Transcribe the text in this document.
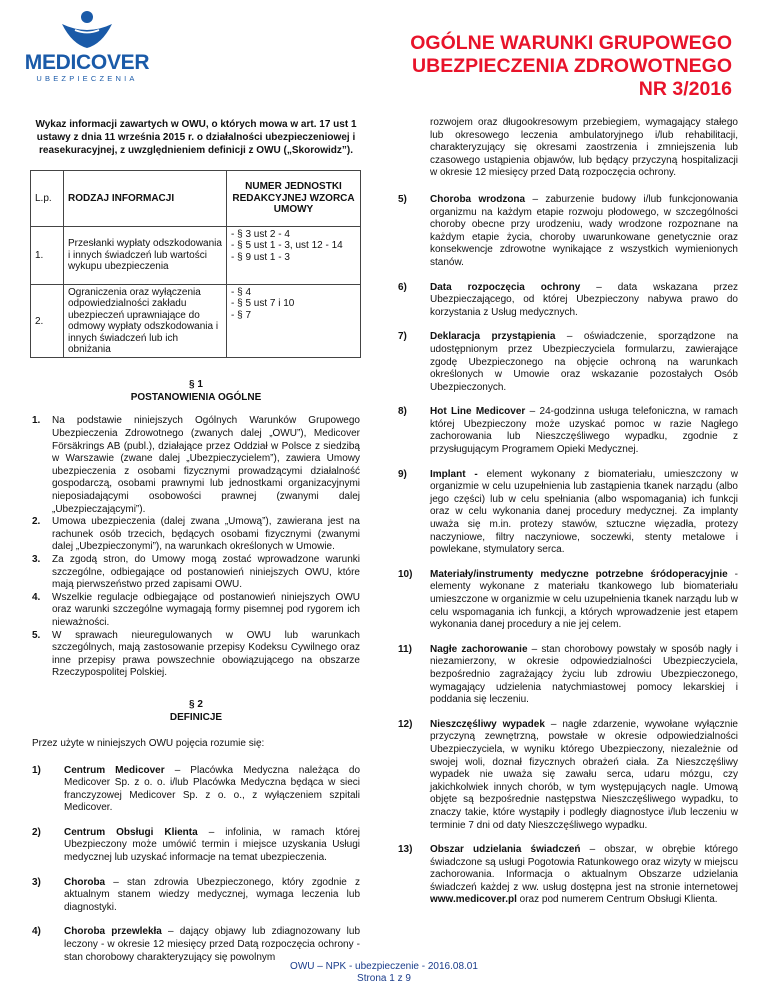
MEDICOVER
UBEZPIECZENIA
OGÓLNE WARUNKI GRUPOWEGO
UBEZPIECZENIA ZDROWOTNEGO
NR 3/2016
Wykaz informacji zawartych w OWU, o których mowa w art. 17 ust 1 ustawy z dnia 11 września 2015 r. o działalności ubezpieczeniowej i reasekuracyjnej, z uwzględnieniem definicji z OWU („Skorowidz”).
L.p.	RODZAJ INFORMACJI	NUMER JEDNOSTKI REDAKCYJNEJ WZORCA UMOWY
1.	Przesłanki wypłaty odszkodowania i innych świadczeń lub wartości wykupu ubezpieczenia	- § 3 ust 2 - 4
- § 5 ust 1 - 3, ust 12 - 14
- § 9 ust 1 - 3
2.	Ograniczenia oraz wyłączenia odpowiedzialności zakładu ubezpieczeń uprawniające do odmowy wypłaty odszkodowania i innych świadczeń lub ich obniżania	- § 4
- § 5 ust 7 i 10
- § 7
§ 1
POSTANOWIENIA OGÓLNE
1. Na podstawie niniejszych Ogólnych Warunków Grupowego Ubezpieczenia Zdrowotnego (zwanych dalej „OWU”), Medicover Försäkrings AB (publ.), działające przez Oddział w Polsce z siedzibą w Warszawie (zwane dalej „Ubezpieczycielem”), zawiera Umowy ubezpieczenia z osobami fizycznymi prowadzącymi działalność gospodarczą, osobami prawnymi lub jednostkami organizacyjnymi nieposiadającymi osobowości prawnej (zwanymi dalej „Ubezpieczającymi”).
2. Umowa ubezpieczenia (dalej zwana „Umową”), zawierana jest na rachunek osób trzecich, będących osobami fizycznymi (zwanymi dalej „Ubezpieczonymi”), na warunkach określonych w Umowie.
3. Za zgodą stron, do Umowy mogą zostać wprowadzone warunki szczególne, odbiegające od postanowień niniejszych OWU, które mają pierwszeństwo przed zapisami OWU.
4. Wszelkie regulacje odbiegające od postanowień niniejszych OWU oraz warunki szczególne wymagają formy pisemnej pod rygorem ich nieważności.
5. W sprawach nieuregulowanych w OWU lub warunkach szczególnych, mają zastosowanie przepisy Kodeksu Cywilnego oraz inne przepisy prawa powszechnie obowiązującego na obszarze Rzeczypospolitej Polskiej.
§ 2
DEFINICJE
Przez użyte w niniejszych OWU pojęcia rozumie się:
1) Centrum Medicover – Placówka Medyczna należąca do Medicover Sp. z o. o. i/lub Placówka Medyczna będąca w sieci franczyzowej Medicover Sp. z o. o., z wyłączeniem szpitali Medicover.
2) Centrum Obsługi Klienta – infolinia, w ramach której Ubezpieczony może umówić termin i miejsce uzyskania Usługi medycznej lub uzyskać informacje na temat ubezpieczenia.
3) Choroba – stan zdrowia Ubezpieczonego, który zgodnie z aktualnym stanem wiedzy medycznej, wymaga leczenia lub diagnostyki.
4) Choroba przewlekła – dający objawy lub zdiagnozowany lub leczony - w okresie 12 miesięcy przed Datą rozpoczęcia ochrony - stan chorobowy charakteryzujący się powolnym
rozwojem oraz długookresowym przebiegiem, wymagający stałego lub okresowego leczenia ambulatoryjnego i/lub rehabilitacji, charakteryzujący się okresami zaostrzenia i zmniejszenia lub czasowego ustąpienia objawów, lub będący przyczyną hospitalizacji w okresie 12 miesięcy przed Datą rozpoczęcia ochrony.
5) Choroba wrodzona – zaburzenie budowy i/lub funkcjonowania organizmu na każdym etapie rozwoju płodowego, w szczególności choroby obecne przy urodzeniu, wady wrodzone rozpoznane na każdym etapie życia, choroby uwarunkowane genetycznie oraz konsekwencje zdrowotne wynikające z wszystkich wymienionych stanów.
6) Data rozpoczęcia ochrony – data wskazana przez Ubezpieczającego, od której Ubezpieczony nabywa prawo do korzystania z Usług medycznych.
7) Deklaracja przystąpienia – oświadczenie, sporządzone na udostępnionym przez Ubezpieczyciela formularzu, zawierające zgodę Ubezpieczonego na objęcie ochroną na warunkach określonych w Umowie oraz wskazanie pozostałych Osób Ubezpieczonych.
8) Hot Line Medicover – 24-godzinna usługa telefoniczna, w ramach której Ubezpieczony może uzyskać pomoc w razie Nagłego zachorowania lub Nieszczęśliwego wypadku, zgodnie z przysługującym Programem Opieki Medycznej.
9) Implant - element wykonany z biomateriału, umieszczony w organizmie w celu uzupełnienia lub zastąpienia tkanek narządu (albo jego części) lub w celu spełniania (albo wspomagania) ich funkcji oraz w celu wykonania danej procedury medycznej. Za implanty uważa się m.in. protezy stawów, sztuczne więzadła, protezy naczyniowe, filtry naczyniowe, soczewki, stenty metalowe i powlekane, stymulatory serca.
10) Materiały/instrumenty medyczne potrzebne śródoperacyjnie - elementy wykonane z materiału tkankowego lub biomateriału umieszczone w organizmie w celu uzupełnienia tkanek narządu lub w celu wspomagania ich funkcji, a których wprowadzenie jest etapem wykonania danej procedury a nie jej celem.
11) Nagłe zachorowanie – stan chorobowy powstały w sposób nagły i niezamierzony, w okresie odpowiedzialności Ubezpieczyciela, bezpośrednio zagrażający życiu lub zdrowiu Ubezpieczonego, wymagający udzielenia natychmiastowej pomocy lekarskiej i poddania się leczeniu.
12) Nieszczęśliwy wypadek – nagłe zdarzenie, wywołane wyłącznie przyczyną zewnętrzną, powstałe w okresie odpowiedzialności Ubezpieczyciela, w wyniku którego Ubezpieczony, niezależnie od swojej woli, doznał fizycznych obrażeń ciała. Za Nieszczęśliwy wypadek nie uważa się zawału serca, udaru mózgu, czy jakichkolwiek innych chorób, w tym występujących nagle. Umową objęte są bezpośrednie następstwa Nieszczęśliwego wypadku, to znaczy takie, które wystąpiły i podległy diagnostyce i/lub leczeniu w terminie 7 dni od daty Nieszczęśliwego wypadku.
13) Obszar udzielania świadczeń – obszar, w obrębie którego świadczone są usługi Pogotowia Ratunkowego oraz wizyty w miejscu zachorowania. Informacja o aktualnym Obszarze udzielania świadczeń każdej z ww. usług dostępna jest na stronie internetowej www.medicover.pl oraz pod numerem Centrum Obsługi Klienta.
OWU – NPK - ubezpieczenie - 2016.08.01
Strona 1 z 9
